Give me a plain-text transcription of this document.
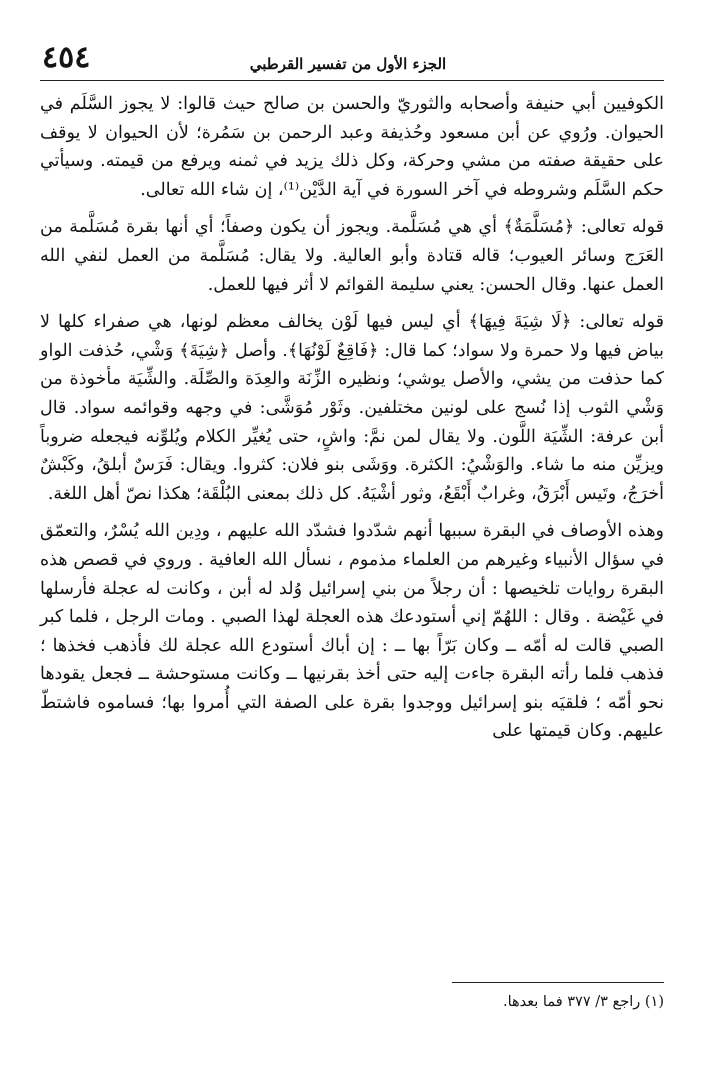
٤٥٤	الجزء الأول من تفسير القرطبي

الكوفيين أبي حنيفة وأصحابه والثوريّ والحسن بن صالح حيث قالوا: لا يجوز السَّلَم في الحيوان. ورُوي عن أبن مسعود وحُذيفة وعبد الرحمن بن سَمُرة؛ لأن الحيوان لا يوقف على حقيقة صفته من مشي وحركة، وكل ذلك يزيد في ثمنه ويرفع من قيمته. وسيأتي حكم السَّلَم وشروطه في آخر السورة في آية الدَّيْن⁽¹⁾، إن شاء الله تعالى.

قوله تعالى: ﴿مُسَلَّمَةٌ﴾ أي هي مُسَلَّمة. ويجوز أن يكون وصفاً؛ أي أنها بقرة مُسَلَّمة من العَرَج وسائر العيوب؛ قاله قتادة وأبو العالية. ولا يقال: مُسَلَّمة من العمل لنفي الله العمل عنها. وقال الحسن: يعني سليمة القوائم لا أثر فيها للعمل.

قوله تعالى: ﴿لَا شِيَةَ فِيهَا﴾ أي ليس فيها لَوْن يخالف معظم لونها، هي صفراء كلها لا بياض فيها ولا حمرة ولا سواد؛ كما قال: ﴿فَاقِعٌ لَوْنُهَا﴾. وأصل ﴿شِيَةَ﴾ وَشْي، حُذفت الواو كما حذفت من يشي، والأصل يوشي؛ ونظيره الزِّنَة والعِدَة والصِّلَة. والشِّيَة مأخوذة من وَشْي الثوب إذا نُسج على لونين مختلفين. وثَوْر مُوَشَّى: في وجهه وقوائمه سواد. قال أبن عرفة: الشِّيَة اللَّون. ولا يقال لمن نمَّ: واشٍ، حتى يُغيِّر الكلام ويُلوِّنه فيجعله ضروباً ويزيِّن منه ما شاء. والوَشْيُ: الكثرة. ووَشَى بنو فلان: كثروا. ويقال: فَرَسٌ أبلقُ، وكَبْشٌ أخرَجُ، وتَيس أَبْرَقُ، وغرابٌ أَبْقَعُ، وثور أشْيَهُ. كل ذلك بمعنى البُلْقَة؛ هكذا نصّ أهل اللغة.

وهذه الأوصاف في البقرة سببها أنهم شدّدوا فشدّد الله عليهم ، ودِين الله يُسْرٌ، والتعمّق في سؤال الأنبياء وغيرهم من العلماء مذموم ، نسأل الله العافية . وروي في قصص هذه البقرة روايات تلخيصها : أن رجلاً من بني إسرائيل وُلد له أبن ، وكانت له عجلة فأرسلها في غَيْضة . وقال : اللهُمّ إني أستودعك هذه العجلة لهذا الصبي . ومات الرجل ، فلما كبر الصبي قالت له أمّه ــ وكان بَرّاً بها ــ : إن أباك أستودع الله عجلة لك فأذهب فخذها ؛ فذهب فلما رأته البقرة جاءت إليه حتى أخذ بقرنيها ــ وكانت مستوحشة ــ فجعل يقودها نحو أمّه ؛ فلقيَه بنو إسرائيل ووجدوا بقرة على الصفة التي أُمروا بها؛ فساموه فاشتطّ عليهم. وكان قيمتها على

(١) راجع ٣/ ٣٧٧ فما بعدها.
